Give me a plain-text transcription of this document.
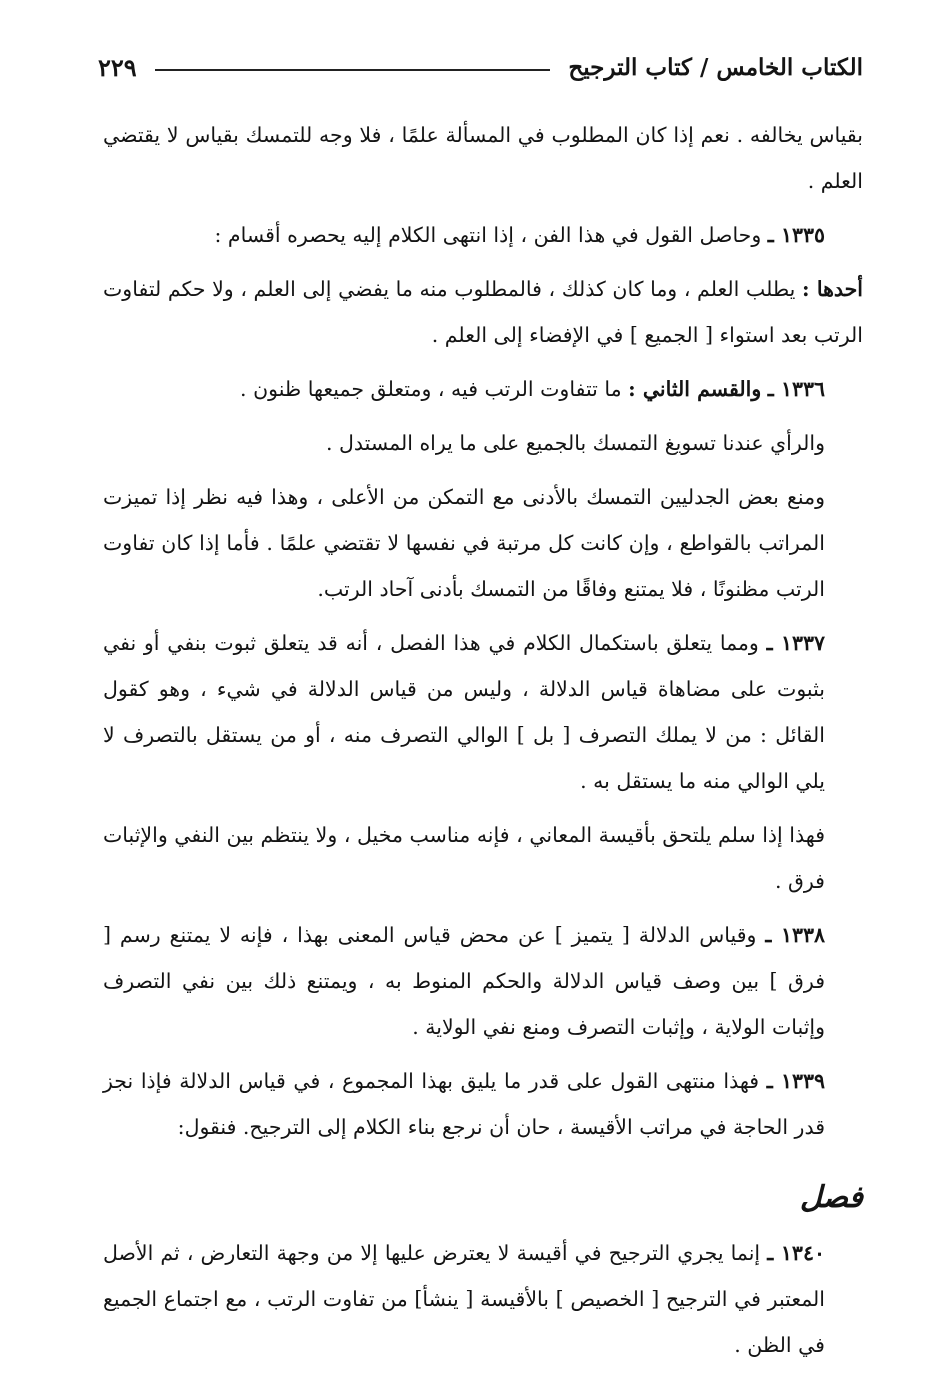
الكتاب الخامس / كتاب الترجيح
٢٢٩

بقياس يخالفه . نعم إذا كان المطلوب في المسألة علمًا ، فلا وجه للتمسك بقياس لا يقتضي العلم .

١٣٣٥ ـ وحاصل القول في هذا الفن ، إذا انتهى الكلام إليه يحصره أقسام :

أحدها : يطلب العلم ، وما كان كذلك ، فالمطلوب منه ما يفضي إلى العلم ، ولا حكم لتفاوت الرتب بعد استواء [ الجميع ] في الإفضاء إلى العلم .

١٣٣٦ ـ والقسم الثاني : ما تتفاوت الرتب فيه ، ومتعلق جميعها ظنون .

والرأي عندنا تسويغ التمسك بالجميع على ما يراه المستدل .

ومنع بعض الجدليين التمسك بالأدنى مع التمكن من الأعلى ، وهذا فيه نظر إذا تميزت المراتب بالقواطع ، وإن كانت كل مرتبة في نفسها لا تقتضي علمًا . فأما إذا كان تفاوت الرتب مظنونًا ، فلا يمتنع وفاقًا من التمسك بأدنى آحاد الرتب.

١٣٣٧ ـ ومما يتعلق باستكمال الكلام في هذا الفصل ، أنه قد يتعلق ثبوت بنفي أو نفي بثبوت على مضاهاة قياس الدلالة ، وليس من قياس الدلالة في شيء ، وهو كقول القائل : من لا يملك التصرف [ بل ] الوالي التصرف منه ، أو من يستقل بالتصرف لا يلي الوالي منه ما يستقل به .

فهذا إذا سلم يلتحق بأقيسة المعاني ، فإنه مناسب مخيل ، ولا ينتظم بين النفي والإثبات فرق .

١٣٣٨ ـ وقياس الدلالة [ يتميز ] عن محض قياس المعنى بهذا ، فإنه لا يمتنع رسم [ فرق ] بين وصف قياس الدلالة والحكم المنوط به ، ويمتنع ذلك بين نفي التصرف وإثبات الولاية ، وإثبات التصرف ومنع نفي الولاية .

١٣٣٩ ـ فهذا منتهى القول على قدر ما يليق بهذا المجموع ، في قياس الدلالة فإذا نجز قدر الحاجة في مراتب الأقيسة ، حان أن نرجع بناء الكلام إلى الترجيح. فنقول:

فصل

١٣٤٠ ـ إنما يجري الترجيح في أقيسة لا يعترض عليها إلا من وجهة التعارض ، ثم الأصل المعتبر في الترجيح [ الخصيص ] بالأقيسة [ ينشأ] من تفاوت الرتب ، مع اجتماع الجميع في الظن .
